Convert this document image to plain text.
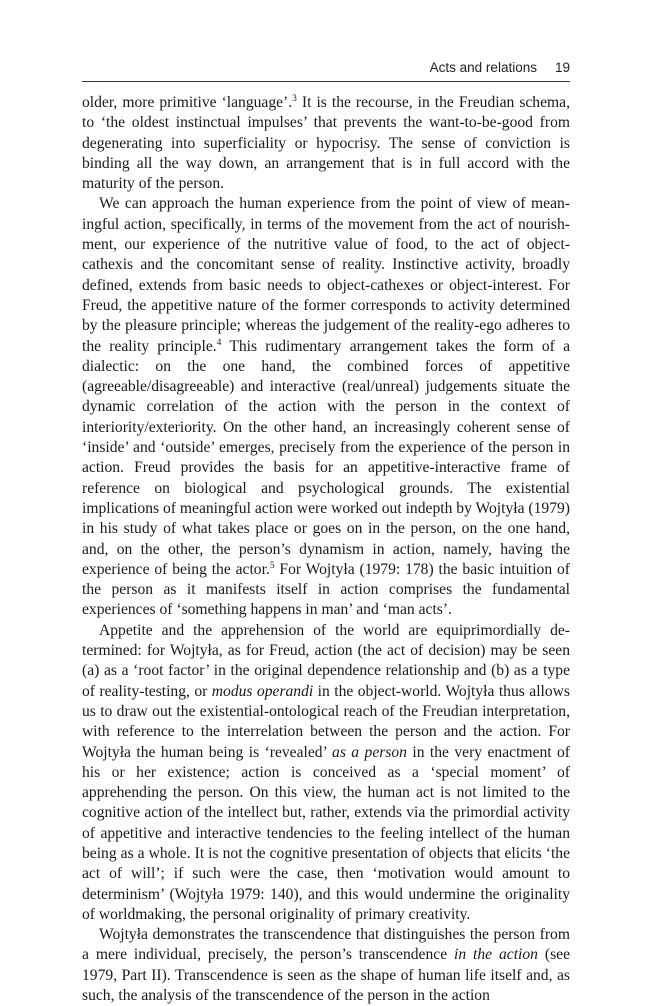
Acts and relations 19

older, more primitive ‘language’.$^3$ It is the recourse, in the Freudian schema, to ‘the oldest instinctual impulses’ that prevents the want-to-be-good from degenerating into superficiality or hypocrisy. The sense of conviction is binding all the way down, an arrangement that is in full accord with the maturity of the person.

We can approach the human experience from the point of view of meaningful action, specifically, in terms of the movement from the act of nourishment, our experience of the nutritive value of food, to the act of object-cathexis and the concomitant sense of reality. Instinctive activity, broadly defined, extends from basic needs to object-cathexes or object-interest. For Freud, the appetitive nature of the former corresponds to activity determined by the pleasure principle; whereas the judgement of the reality-ego adheres to the reality principle.$^4$ This rudimentary arrangement takes the form of a dialectic: on the one hand, the combined forces of appetitive (agreeable/disagreeable) and interactive (real/unreal) judgements situate the dynamic correlation of the action with the person in the context of interiority/exteriority. On the other hand, an increasingly coherent sense of ‘inside’ and ‘outside’ emerges, precisely from the experience of the person in action. Freud provides the basis for an appetitive-interactive frame of reference on biological and psychological grounds. The existential implications of meaningful action were worked out indepth by Wojtyła (1979) in his study of what takes place or goes on in the person, on the one hand, and, on the other, the person’s dynamism in action, namely, having the experience of being the actor.$^5$ For Wojtyła (1979: 178) the basic intuition of the person as it manifests itself in action comprises the fundamental experiences of ‘something happens in man’ and ‘man acts’.

Appetite and the apprehension of the world are equiprimordially determined: for Wojtyła, as for Freud, action (the act of decision) may be seen (a) as a ‘root factor’ in the original dependence relationship and (b) as a type of reality-testing, or modus operandi in the object-world. Wojtyła thus allows us to draw out the existential-ontological reach of the Freudian interpretation, with reference to the interrelation between the person and the action. For Wojtyła the human being is ‘revealed’ as a person in the very enactment of his or her existence; action is conceived as a ‘special moment’ of apprehending the person. On this view, the human act is not limited to the cognitive action of the intellect but, rather, extends via the primordial activity of appetitive and interactive tendencies to the feeling intellect of the human being as a whole. It is not the cognitive presentation of objects that elicits ‘the act of will’; if such were the case, then ‘motivation would amount to determinism’ (Wojtyła 1979: 140), and this would undermine the originality of worldmaking, the personal originality of primary creativity.

Wojtyła demonstrates the transcendence that distinguishes the person from a mere individual, precisely, the person’s transcendence in the action (see 1979, Part II). Transcendence is seen as the shape of human life itself and, as such, the analysis of the transcendence of the person in the action
